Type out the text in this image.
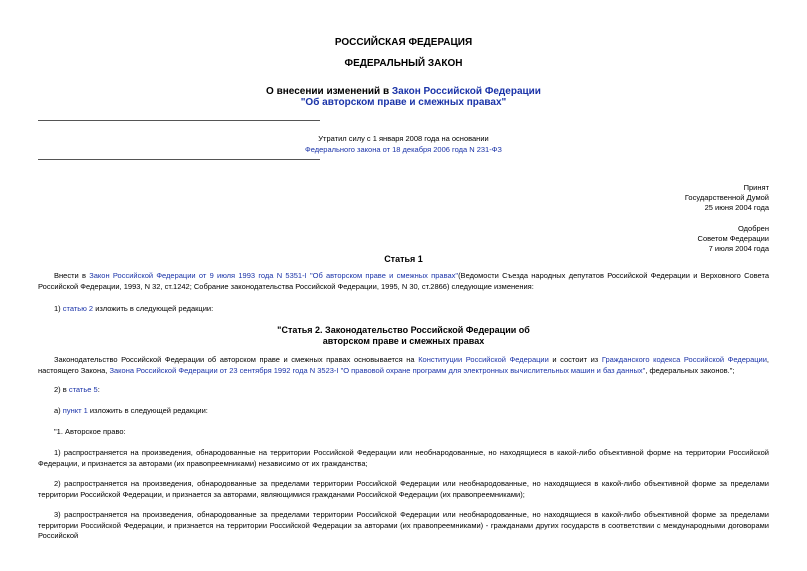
РОССИЙСКАЯ ФЕДЕРАЦИЯ
ФЕДЕРАЛЬНЫЙ ЗАКОН
О внесении изменений в Закон Российской Федерации
"Об авторском праве и смежных правах"
Утратил силу с 1 января 2008 года на основании
Федерального закона от 18 декабря 2006 года N 231-ФЗ
Принят
Государственной Думой
25 июня 2004 года
Одобрен
Советом Федерации
7 июля 2004 года
Статья 1
Внести в Закон Российской Федерации от 9 июля 1993 года N 5351-I "Об авторском праве и смежных правах"(Ведомости Съезда народных депутатов Российской Федерации и Верховного Совета Российской Федерации, 1993, N 32, ст.1242; Собрание законодательства Российской Федерации, 1995, N 30, ст.2866) следующие изменения:
1) статью 2 изложить в следующей редакции:
"Статья 2. Законодательство Российской Федерации об
авторском праве и смежных правах
Законодательство Российской Федерации об авторском праве и смежных правах основывается на Конституции Российской Федерации и состоит из Гражданского кодекса Российской Федерации, настоящего Закона, Закона Российской Федерации от 23 сентября 1992 года N 3523-I "О правовой охране программ для электронных вычислительных машин и баз данных", федеральных законов.";
2) в статье 5:
а) пункт 1 изложить в следующей редакции:
"1. Авторское право:
1) распространяется на произведения, обнародованные на территории Российской Федерации или необнародованные, но находящиеся в какой-либо объективной форме на территории Российской Федерации, и признается за авторами (их правопреемниками) независимо от их гражданства;
2) распространяется на произведения, обнародованные за пределами территории Российской Федерации или необнародованные, но находящиеся в какой-либо объективной форме за пределами территории Российской Федерации, и признается за авторами, являющимися гражданами Российской Федерации (их правопреемниками);
3) распространяется на произведения, обнародованные за пределами территории Российской Федерации или необнародованные, но находящиеся в какой-либо объективной форме за пределами территории Российской Федерации, и признается на территории Российской Федерации за авторами (их правопреемниками) - гражданами других государств в соответствии с международными договорами Российской
